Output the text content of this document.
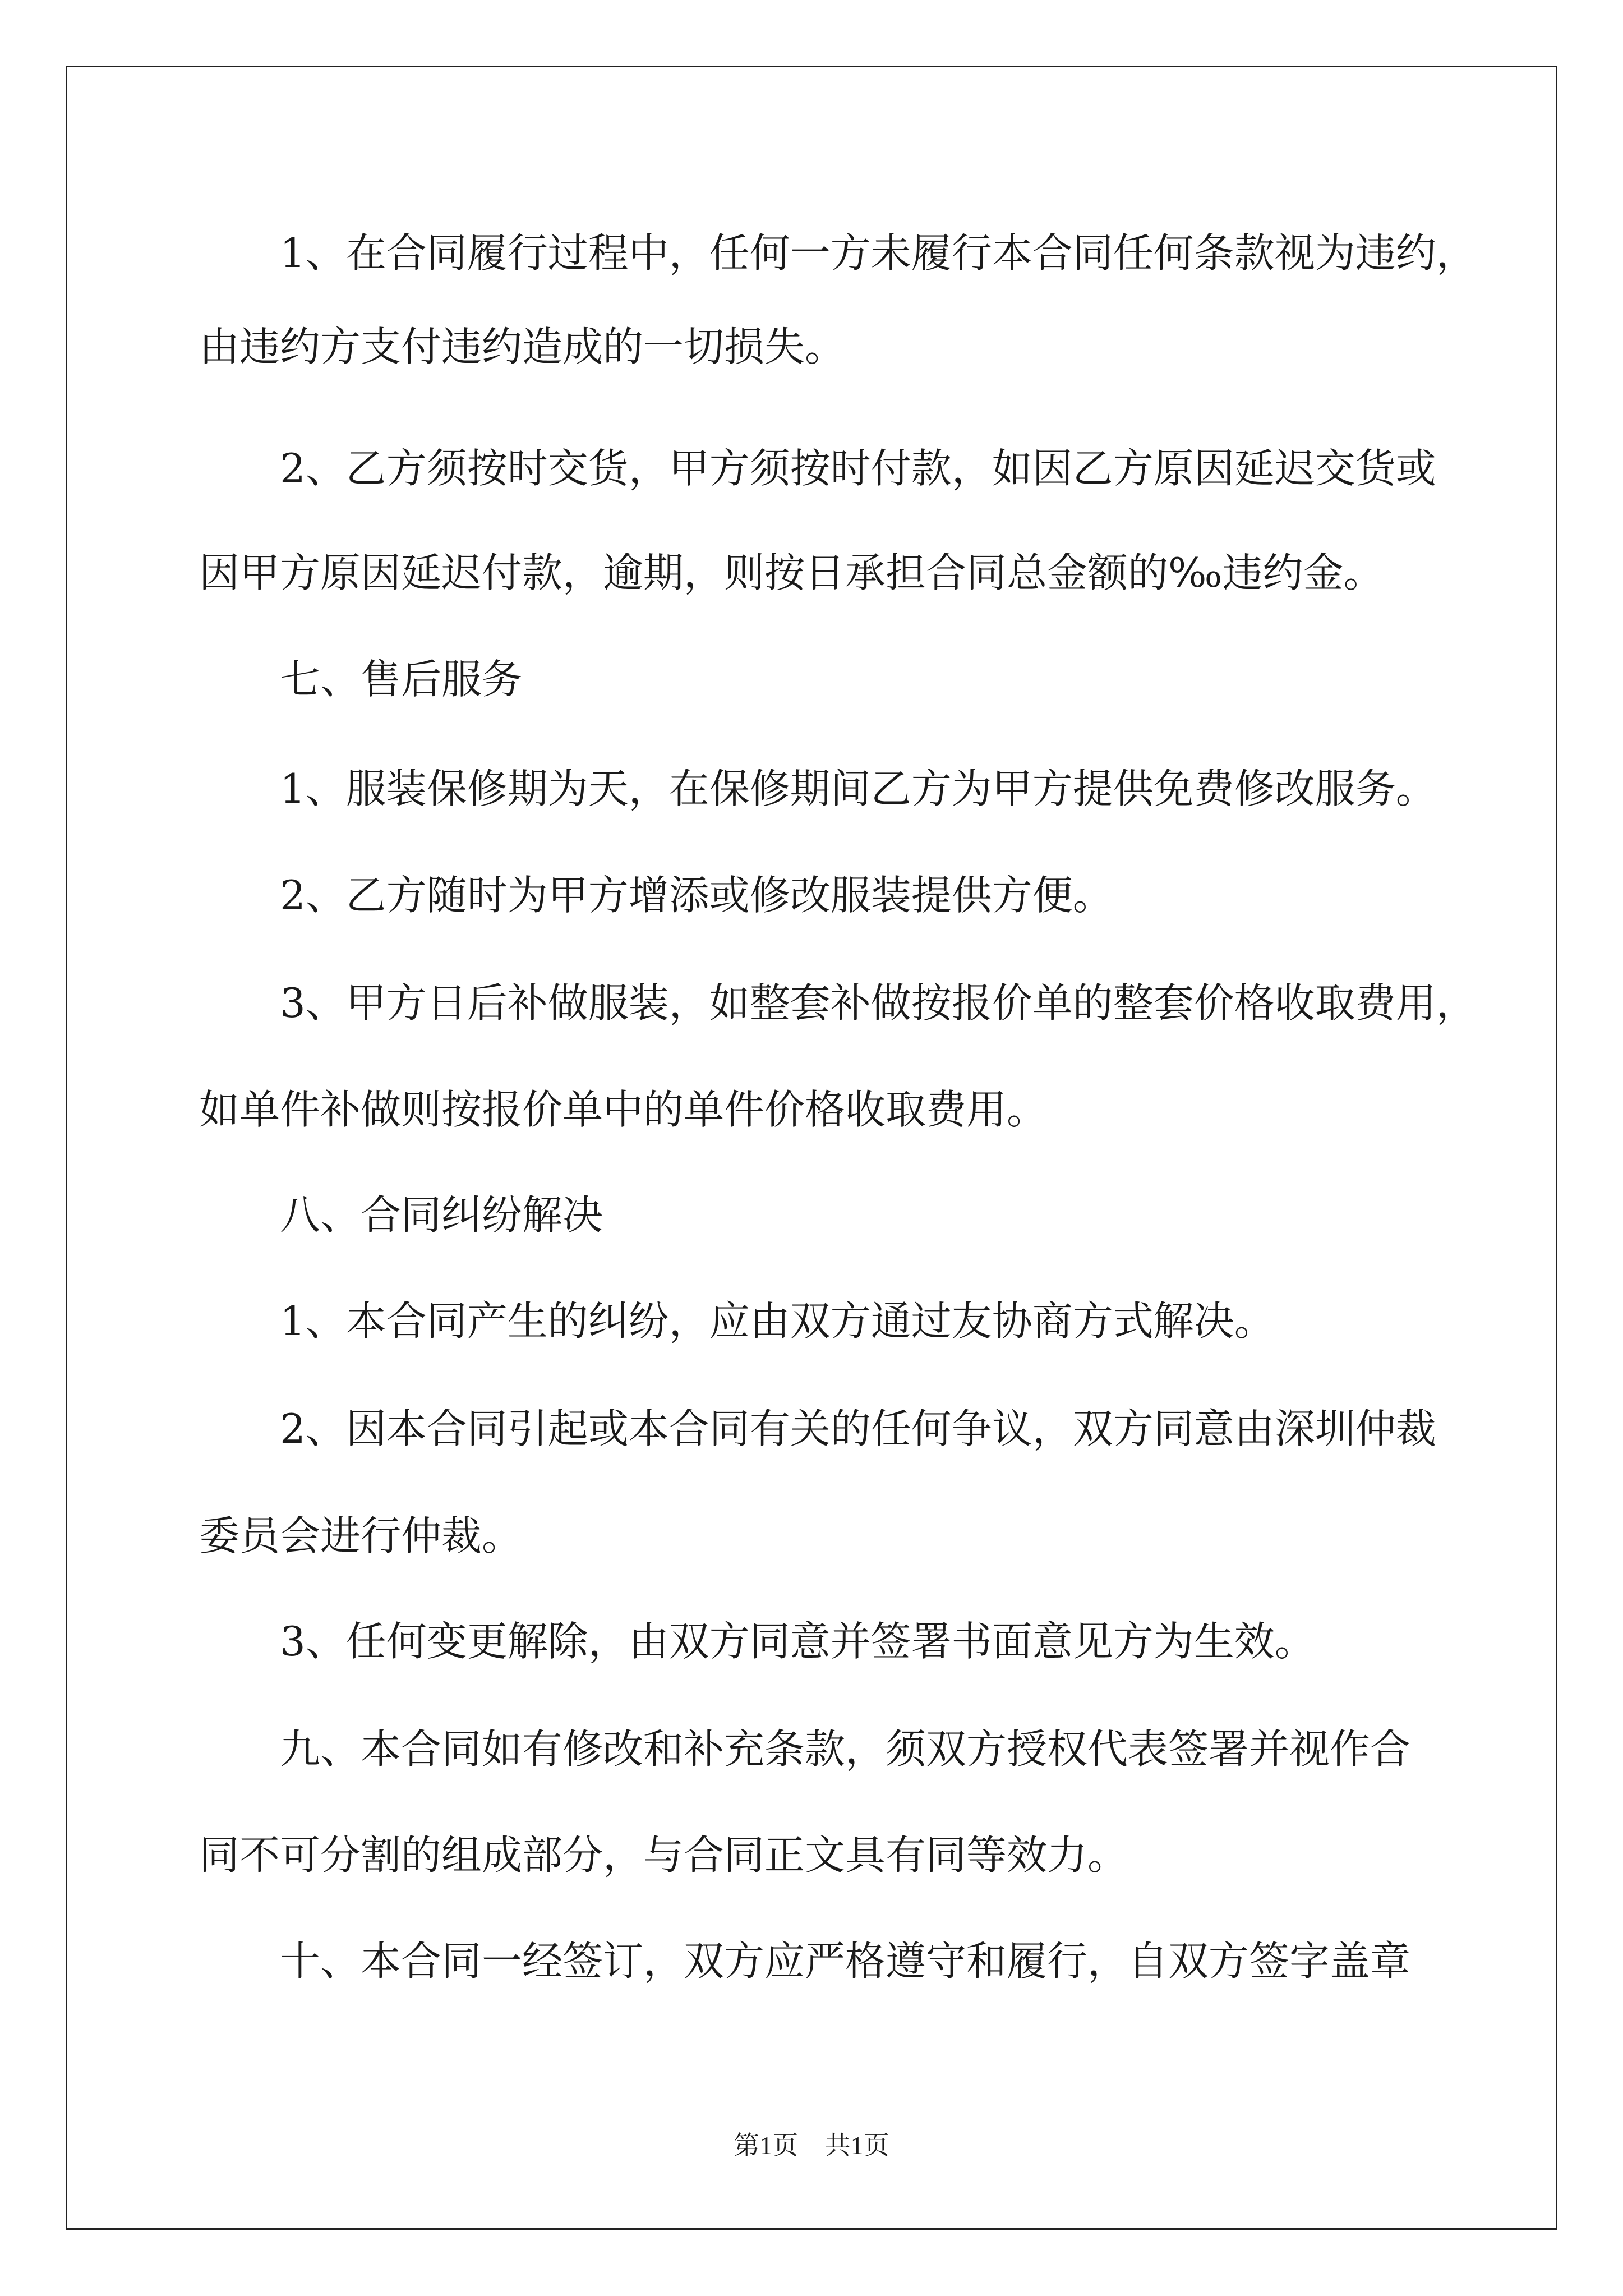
　　1、在合同履行过程中，任何一方未履行本合同任何条款视为违约，
由违约方支付违约造成的一切损失。
　　2、乙方须按时交货，甲方须按时付款，如因乙方原因延迟交货或
因甲方原因延迟付款，逾期，则按日承担合同总金额的‰违约金。
　　七、售后服务
　　1、服装保修期为天，在保修期间乙方为甲方提供免费修改服务。
　　2、乙方随时为甲方增添或修改服装提供方便。
　　3、甲方日后补做服装，如整套补做按报价单的整套价格收取费用，
如单件补做则按报价单中的单件价格收取费用。
　　八、合同纠纷解决
　　1、本合同产生的纠纷，应由双方通过友协商方式解决。
　　2、因本合同引起或本合同有关的任何争议，双方同意由深圳仲裁
委员会进行仲裁。
　　3、任何变更解除，由双方同意并签署书面意见方为生效。
　　九、本合同如有修改和补充条款，须双方授权代表签署并视作合
同不可分割的组成部分，与合同正文具有同等效力。
　　十、本合同一经签订，双方应严格遵守和履行，自双方签字盖章
第1页 共1页
